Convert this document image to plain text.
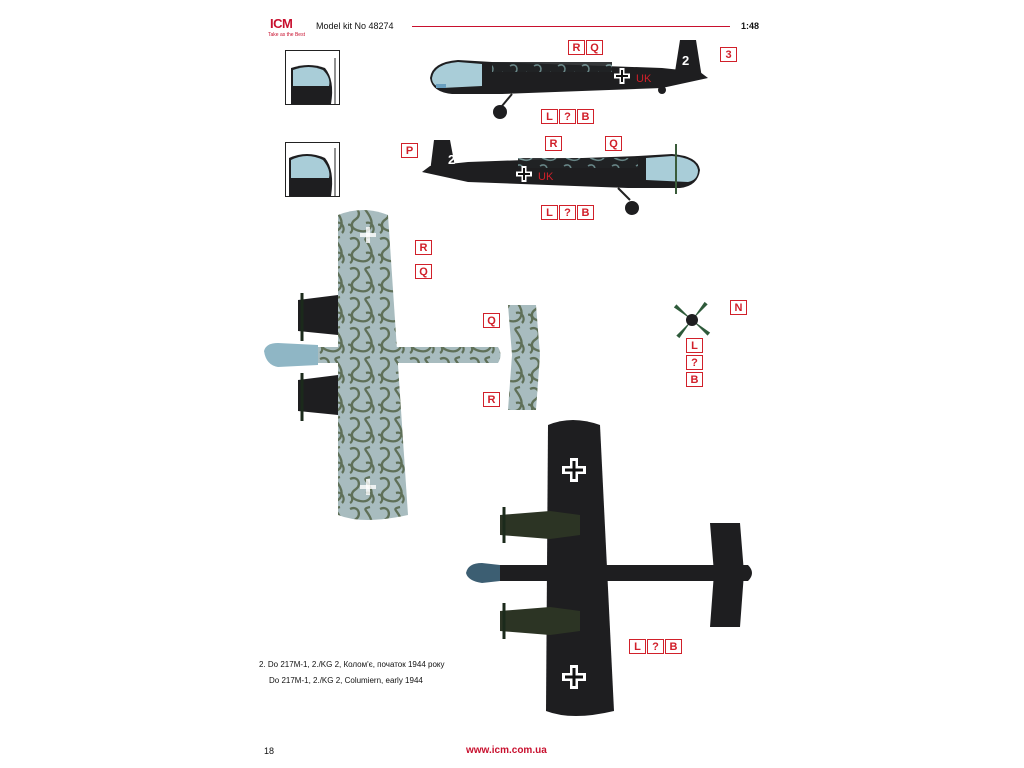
ICM
Take as the Best
Model kit No 48274	1:48
2
UK
R Q
3
L	? B
2
UK
P
R	Q
L	? B
R
Q
Q
R
N
L
?
B
L	? B
2. Do 217M-1, 2./KG 2, Колом'є, початок 1944 року
Do 217M-1, 2./KG 2, Columiern, early 1944
18	www.icm.com.ua
